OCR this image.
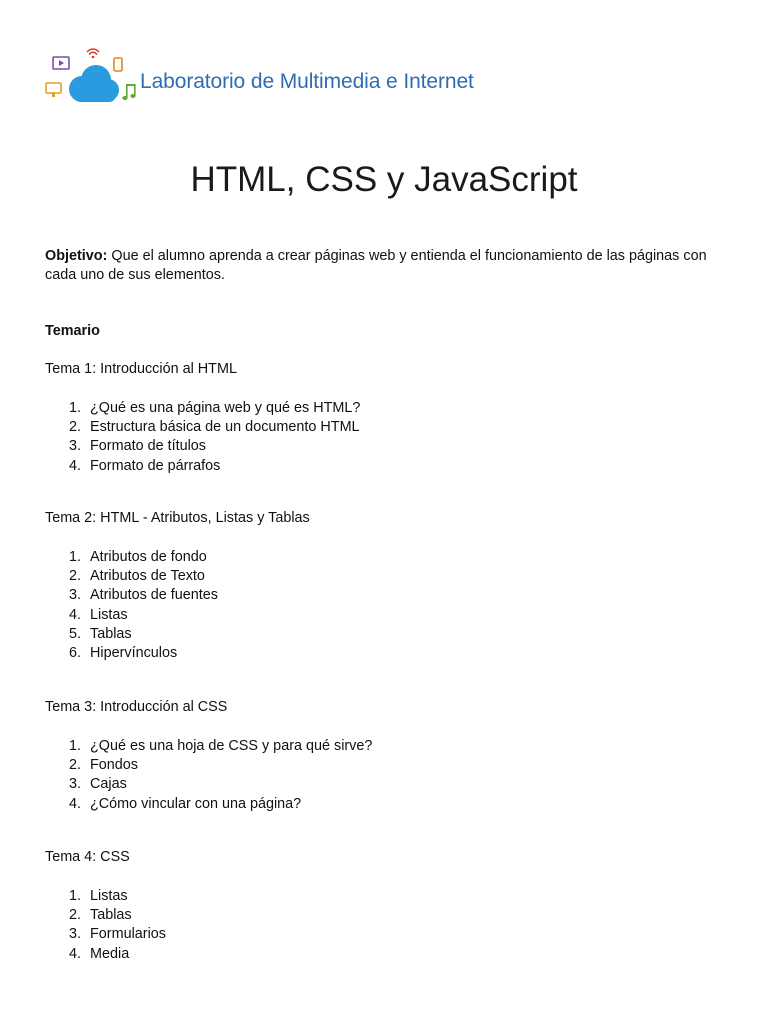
Laboratorio de Multimedia e Internet
HTML, CSS y JavaScript

Objetivo: Que el alumno aprenda a crear páginas web y entienda el funcionamiento de las páginas con cada uno de sus elementos.

Temario

Tema 1: Introducción al HTML

1. ¿Qué es una página web y qué es HTML?
2. Estructura básica de un documento HTML
3. Formato de títulos
4. Formato de párrafos

Tema 2: HTML - Atributos, Listas y Tablas

1. Atributos de fondo
2. Atributos de Texto
3. Atributos de fuentes
4. Listas
5. Tablas
6. Hipervínculos

Tema 3: Introducción al CSS

1. ¿Qué es una hoja de CSS y para qué sirve?
2. Fondos
3. Cajas
4. ¿Cómo vincular con una página?

Tema 4: CSS

1. Listas
2. Tablas
3. Formularios
4. Media
